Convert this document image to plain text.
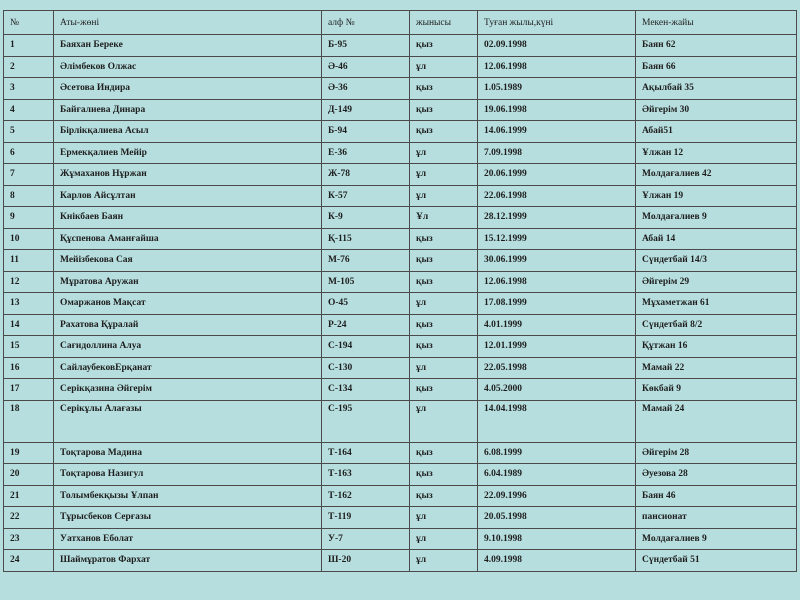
№	Аты-жөні	алф №	жынысы	Туған жылы,күні	Мекен-жайы
1	Баяхан Береке	Б-95	қыз	02.09.1998	Баян 62
2	Әлімбеков Олжас	Ә-46	ұл	12.06.1998	Баян 66
3	Әсетова Индира	Ә-36	қыз	1.05.1989	Ақылбай 35
4	Байғалиева Динара	Д-149	қыз	19.06.1998	Әйгерім 30
5	Бірлікқалиева Асыл	Б-94	қыз	14.06.1999	Абай51
6	Ермекқалиев Мейір	Е-36	ұл	7.09.1998	Ұлжан 12
7	Жұмаханов Нұржан	Ж-78	ұл	20.06.1999	Молдағалиев 42
8	Карлов Айсұлтан	К-57	ұл	22.06.1998	Ұлжан 19
9	Кнікбаев Баян	К-9	Ұл	28.12.1999	Молдағалиев 9
10	Құспенова Аманғайша	Қ-115	қыз	15.12.1999	Абай 14
11	Мейізбекова Сая	М-76	қыз	30.06.1999	Сүндетбай 14/3
12	Мұратова Аружан	М-105	қыз	12.06.1998	Әйгерім 29
13	Омаржанов Мақсат	О-45	ұл	17.08.1999	Мұхаметжан 61
14	Рахатова Құралай	Р-24	қыз	4.01.1999	Сүндетбай 8/2
15	Сағидоллина Алуа	С-194	қыз	12.01.1999	Құтжан 16
16	СайлаубековЕрқанат	С-130	ұл	22.05.1998	Мамай 22
17	Серікқазина Әйгерім	С-134	қыз	4.05.2000	Көкбай 9
18	Серікұлы Алағазы	С-195	ұл	14.04.1998	Мамай 24
19	Тоқтарова Мадина	Т-164	қыз	6.08.1999	Әйгерім 28
20	Тоқтарова Назигул	Т-163	қыз	6.04.1989	Әуезова 28
21	Толымбекқызы Ұлпан	Т-162	қыз	22.09.1996	Баян 46
22	Тұрысбеков Серғазы	Т-119	ұл	20.05.1998	пансионат
23	Уатханов Еболат	У-7	ұл	9.10.1998	Молдағалиев 9
24	Шаймұратов Фархат	Ш-20	ұл	4.09.1998	Сүндетбай 51
